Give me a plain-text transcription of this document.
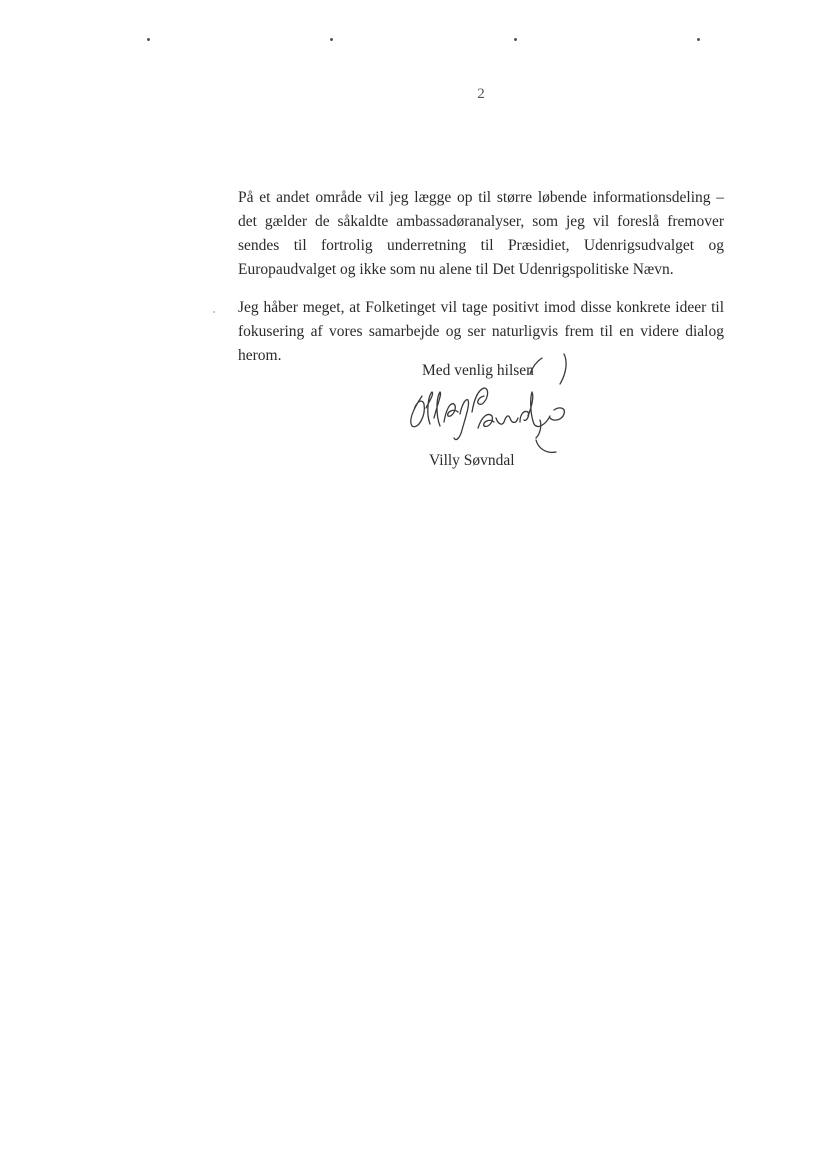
2

På et andet område vil jeg lægge op til større løbende informationsdeling – det gælder de såkaldte ambassadøranalyser, som jeg vil foreslå fremover sendes til fortrolig underretning til Præsidiet, Udenrigsudvalget og Europaudvalget og ikke som nu alene til Det Udenrigspolitiske Nævn.

Jeg håber meget, at Folketinget vil tage positivt imod disse konkrete ideer til fokusering af vores samarbejde og ser naturligvis frem til en videre dialog herom.

Med venlig hilsen
Villy Søvndal
